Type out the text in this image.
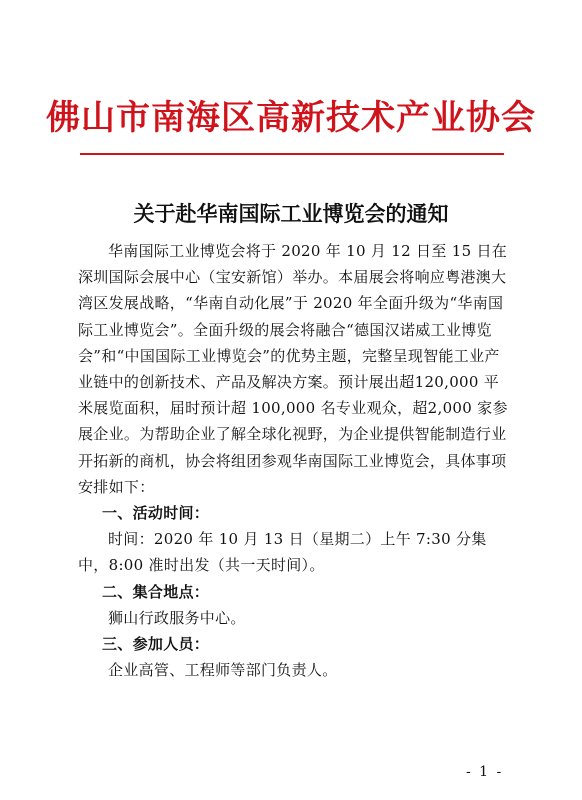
佛山市南海区高新技术产业协会
关于赴华南国际工业博览会的通知

华南国际工业博览会将于 2020 年 10 月 12 日至 15 日在深圳国际会展中心（宝安新馆）举办。本届展会将响应粤港澳大湾区发展战略，“华南自动化展”于 2020 年全面升级为“华南国际工业博览会”。全面升级的展会将融合“德国汉诺威工业博览会”和“中国国际工业博览会”的优势主题，完整呈现智能工业产业链中的创新技术、产品及解决方案。预计展出超120,000 平米展览面积，届时预计超 100,000 名专业观众，超2,000 家参展企业。为帮助企业了解全球化视野，为企业提供智能制造行业开拓新的商机，协会将组团参观华南国际工业博览会，具体事项安排如下：

一、活动时间：

时间：2020 年 10 月 13 日（星期二）上午 7:30 分集中，8:00 准时出发（共一天时间）。

二、集合地点：

狮山行政服务中心。

三、参加人员：

企业高管、工程师等部门负责人。

- 1 -
